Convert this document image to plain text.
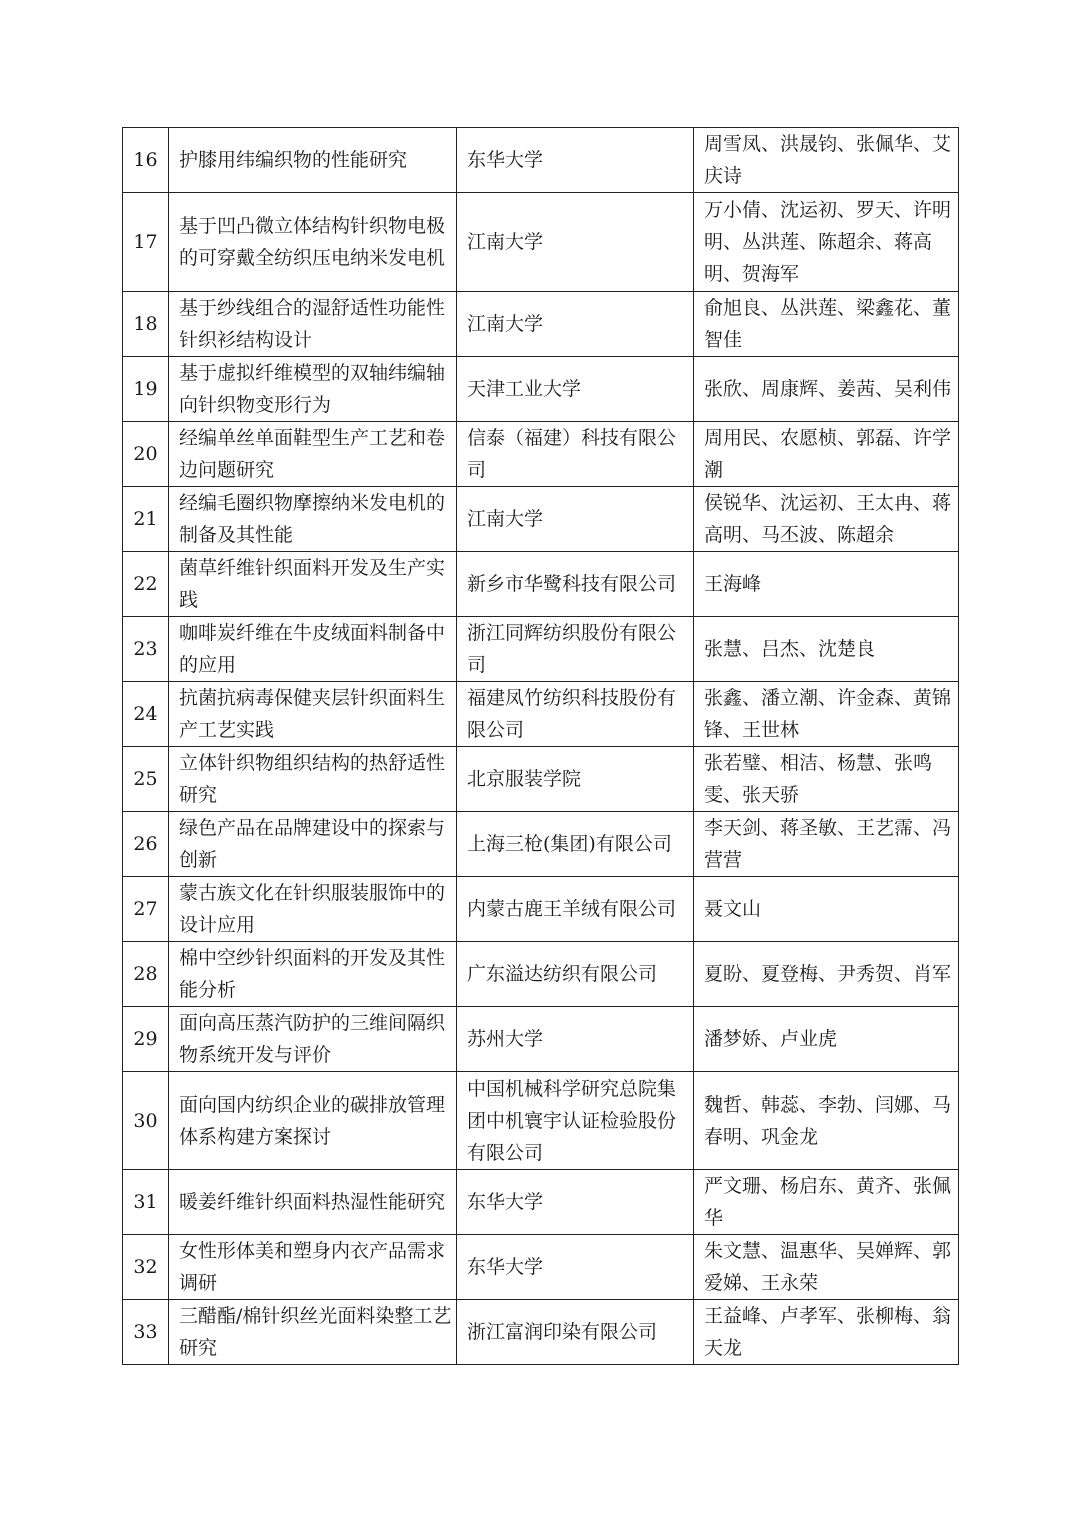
16	护膝用纬编织物的性能研究	东华大学	周雪凤、洪晟钧、张佩华、艾庆诗
17	基于凹凸微立体结构针织物电极的可穿戴全纺织压电纳米发电机	江南大学	万小倩、沈运初、罗天、许明明、丛洪莲、陈超余、蒋高明、贺海军
18	基于纱线组合的湿舒适性功能性针织衫结构设计	江南大学	俞旭良、丛洪莲、梁鑫花、董智佳
19	基于虚拟纤维模型的双轴纬编轴向针织物变形行为	天津工业大学	张欣、周康辉、姜茜、吴利伟
20	经编单丝单面鞋型生产工艺和卷边问题研究	信泰（福建）科技有限公司	周用民、农愿桢、郭磊、许学潮
21	经编毛圈织物摩擦纳米发电机的制备及其性能	江南大学	侯锐华、沈运初、王太冉、蒋高明、马丕波、陈超余
22	菌草纤维针织面料开发及生产实践	新乡市华鹭科技有限公司	王海峰
23	咖啡炭纤维在牛皮绒面料制备中的应用	浙江同辉纺织股份有限公司	张慧、吕杰、沈楚良
24	抗菌抗病毒保健夹层针织面料生产工艺实践	福建凤竹纺织科技股份有限公司	张鑫、潘立潮、许金森、黄锦锋、王世林
25	立体针织物组织结构的热舒适性研究	北京服装学院	张若璧、相洁、杨慧、张鸣雯、张天骄
26	绿色产品在品牌建设中的探索与创新	上海三枪(集团)有限公司	李天剑、蒋圣敏、王艺霈、冯营营
27	蒙古族文化在针织服装服饰中的设计应用	内蒙古鹿王羊绒有限公司	聂文山
28	棉中空纱针织面料的开发及其性能分析	广东溢达纺织有限公司	夏盼、夏登梅、尹秀贺、肖军
29	面向高压蒸汽防护的三维间隔织物系统开发与评价	苏州大学	潘梦娇、卢业虎
30	面向国内纺织企业的碳排放管理体系构建方案探讨	中国机械科学研究总院集团中机寰宇认证检验股份有限公司	魏哲、韩蕊、李勃、闫娜、马春明、巩金龙
31	暖姜纤维针织面料热湿性能研究	东华大学	严文珊、杨启东、黄齐、张佩华
32	女性形体美和塑身内衣产品需求调研	东华大学	朱文慧、温惠华、吴婵辉、郭爱娣、王永荣
33	三醋酯/棉针织丝光面料染整工艺研究	浙江富润印染有限公司	王益峰、卢孝军、张柳梅、翁天龙
